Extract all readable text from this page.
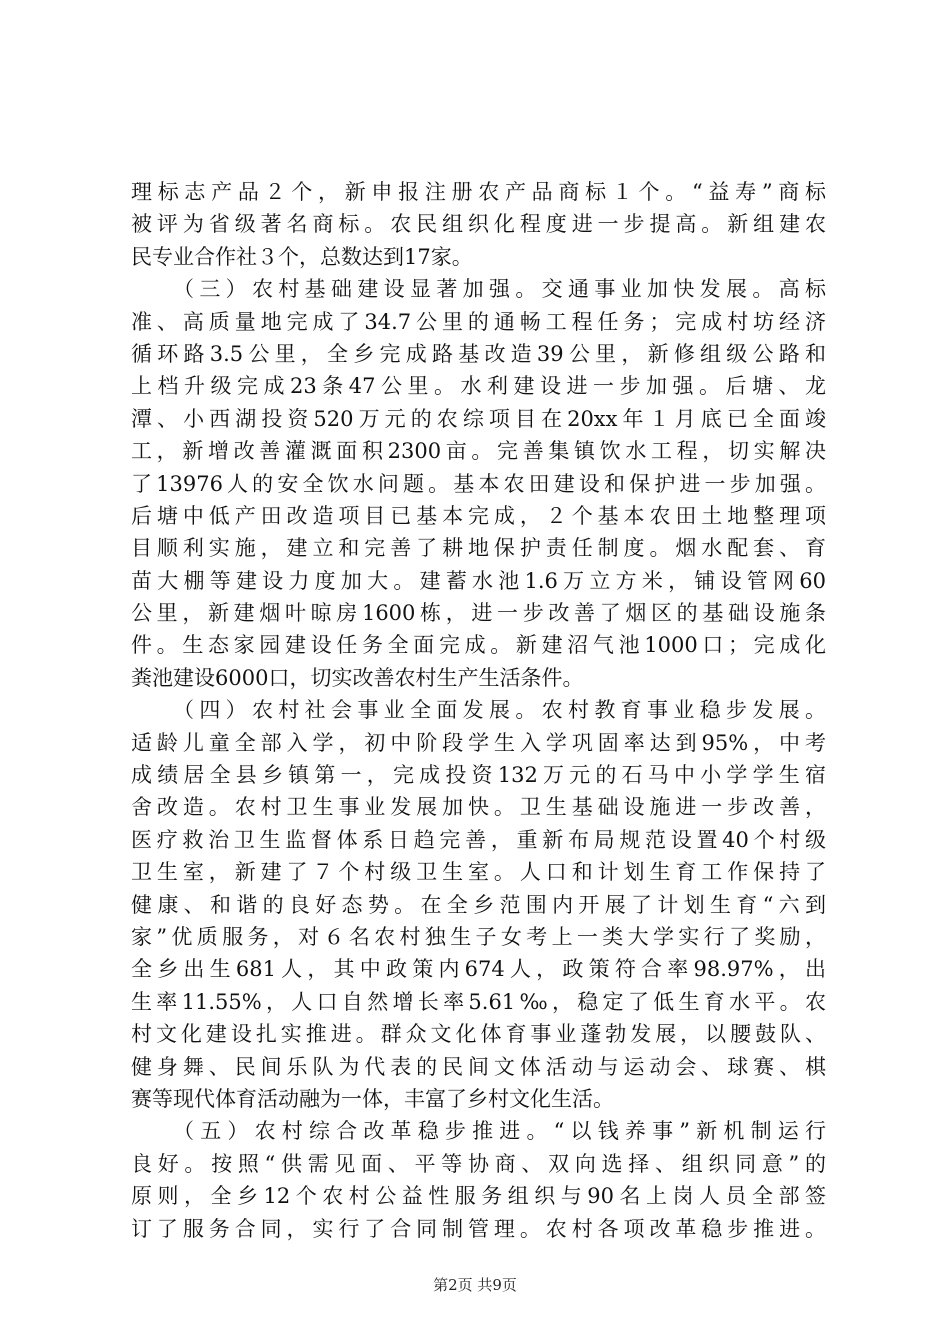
理标志产品２个，新申报注册农产品商标１个。“益寿”商标
被评为省级著名商标。农民组织化程度进一步提高。新组建农
民专业合作社３个，总数达到17家。
（三）农村基础建设显著加强。交通事业加快发展。高标
准、高质量地完成了34.7公里的通畅工程任务；完成村坊经济
循环路3.5公里，全乡完成路基改造39公里，新修组级公路和
上档升级完成23条47公里。水利建设进一步加强。后塘、龙
潭、小西湖投资520万元的农综项目在20xx年１月底已全面竣
工，新增改善灌溉面积2300亩。完善集镇饮水工程，切实解决
了13976人的安全饮水问题。基本农田建设和保护进一步加强。
后塘中低产田改造项目已基本完成，２个基本农田土地整理项
目顺利实施，建立和完善了耕地保护责任制度。烟水配套、育
苗大棚等建设力度加大。建蓄水池1.6万立方米，铺设管网60
公里，新建烟叶晾房1600栋，进一步改善了烟区的基础设施条
件。生态家园建设任务全面完成。新建沼气池1000口；完成化
粪池建设6000口，切实改善农村生产生活条件。
（四）农村社会事业全面发展。农村教育事业稳步发展。
适龄儿童全部入学，初中阶段学生入学巩固率达到95%，中考
成绩居全县乡镇第一，完成投资132万元的石马中小学学生宿
舍改造。农村卫生事业发展加快。卫生基础设施进一步改善，
医疗救治卫生监督体系日趋完善，重新布局规范设置40个村级
卫生室，新建了７个村级卫生室。人口和计划生育工作保持了
健康、和谐的良好态势。在全乡范围内开展了计划生育“六到
家”优质服务，对６名农村独生子女考上一类大学实行了奖励，
全乡出生681人，其中政策内674人，政策符合率98.97%，出
生率11.55%，人口自然增长率5.61‰，稳定了低生育水平。农
村文化建设扎实推进。群众文化体育事业蓬勃发展，以腰鼓队、
健身舞、民间乐队为代表的民间文体活动与运动会、球赛、棋
赛等现代体育活动融为一体，丰富了乡村文化生活。
（五）农村综合改革稳步推进。“以钱养事”新机制运行
良好。按照“供需见面、平等协商、双向选择、组织同意”的
原则，全乡12个农村公益性服务组织与90名上岗人员全部签
订了服务合同，实行了合同制管理。农村各项改革稳步推进。
第2页 共9页
